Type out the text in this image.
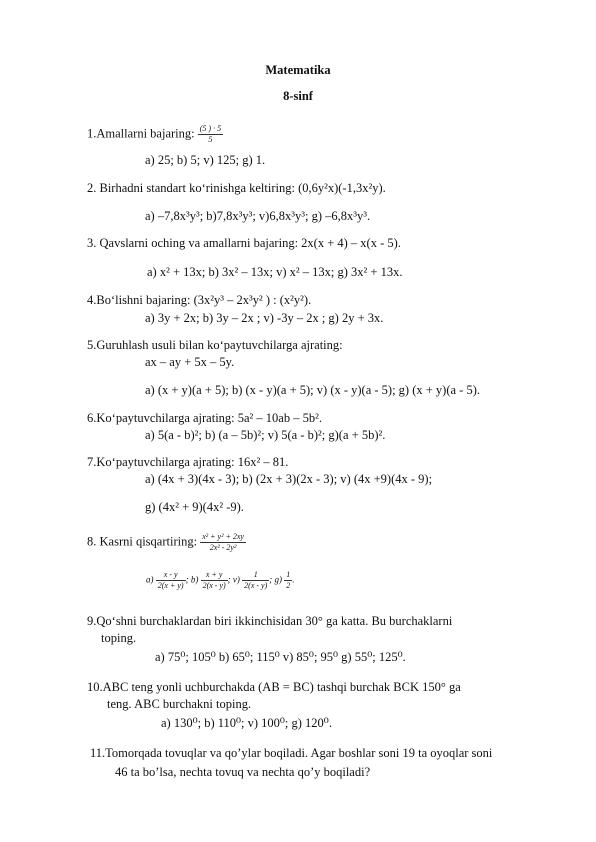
Matematika
8-sinf
1.Amallarni bajaring: $\frac{(5 ) \cdot 5}{5}$
a) 25; b) 5; v) 125; g) 1.
2. Birhadni standart ko‘rinishga keltiring: (0,6y²x)(-1,3x²y).
a) –7,8x³y³; b)7,8x³y³; v)6,8x³y³; g) –6,8x³y³.
3. Qavslarni oching va amallarni bajaring: 2x(x + 4) – x(x - 5).
a) x² + 13x; b) 3x² – 13x; v) x² – 13x; g) 3x² + 13x.
4.Bo‘lishni bajaring: (3x²y³ – 2x³y² ) : (x²y²).
a) 3y + 2x; b) 3y – 2x ; v) -3y – 2x ; g) 2y + 3x.
5.Guruhlash usuli bilan ko‘paytuvchilarga ajrating:
ax – ay + 5x – 5y.
a) (x + y)(a + 5); b) (x - y)(a + 5); v) (x - y)(a - 5); g) (x + y)(a - 5).
6.Ko‘paytuvchilarga ajrating: 5a² – 10ab – 5b².
a) 5(a - b)²; b) (a – 5b)²; v) 5(a - b)²; g)(a + 5b)².
7.Ko‘paytuvchilarga ajrating: 16x² – 81.
a) (4x + 3)(4x - 3); b) (2x + 3)(2x - 3); v) (4x +9)(4x - 9);
g) (4x² + 9)(4x² -9).
8. Kasrni qisqartiring: $\frac{\text{x² + y² + 2xy}}{\text{2x² - 2y²}}$
$a) \frac{x - y}{2(x + y)}$ ; $b) \frac{x + y}{2(x - y)}$ ; $v) \frac{1}{2(x - y)}$ ; $g) \frac{1}{2}$ .
9.Qo‘shni burchaklardan biri ikkinchisidan 30° ga katta. Bu burchaklarni
toping.
a) 75⁰; 105⁰ b) 65⁰; 115⁰ v) 85⁰; 95⁰ g) 55⁰; 125⁰.
10.ABC teng yonli uchburchakda (AB = BC) tashqi burchak BCK 150° ga
teng. ABC burchakni toping.
a) 130⁰; b) 110⁰; v) 100⁰; g) 120⁰.
11.Tomorqada tovuqlar va qo’ylar boqiladi. Agar boshlar soni 19 ta oyoqlar soni
46 ta bo’lsa, nechta tovuq va nechta qo’y boqiladi?
